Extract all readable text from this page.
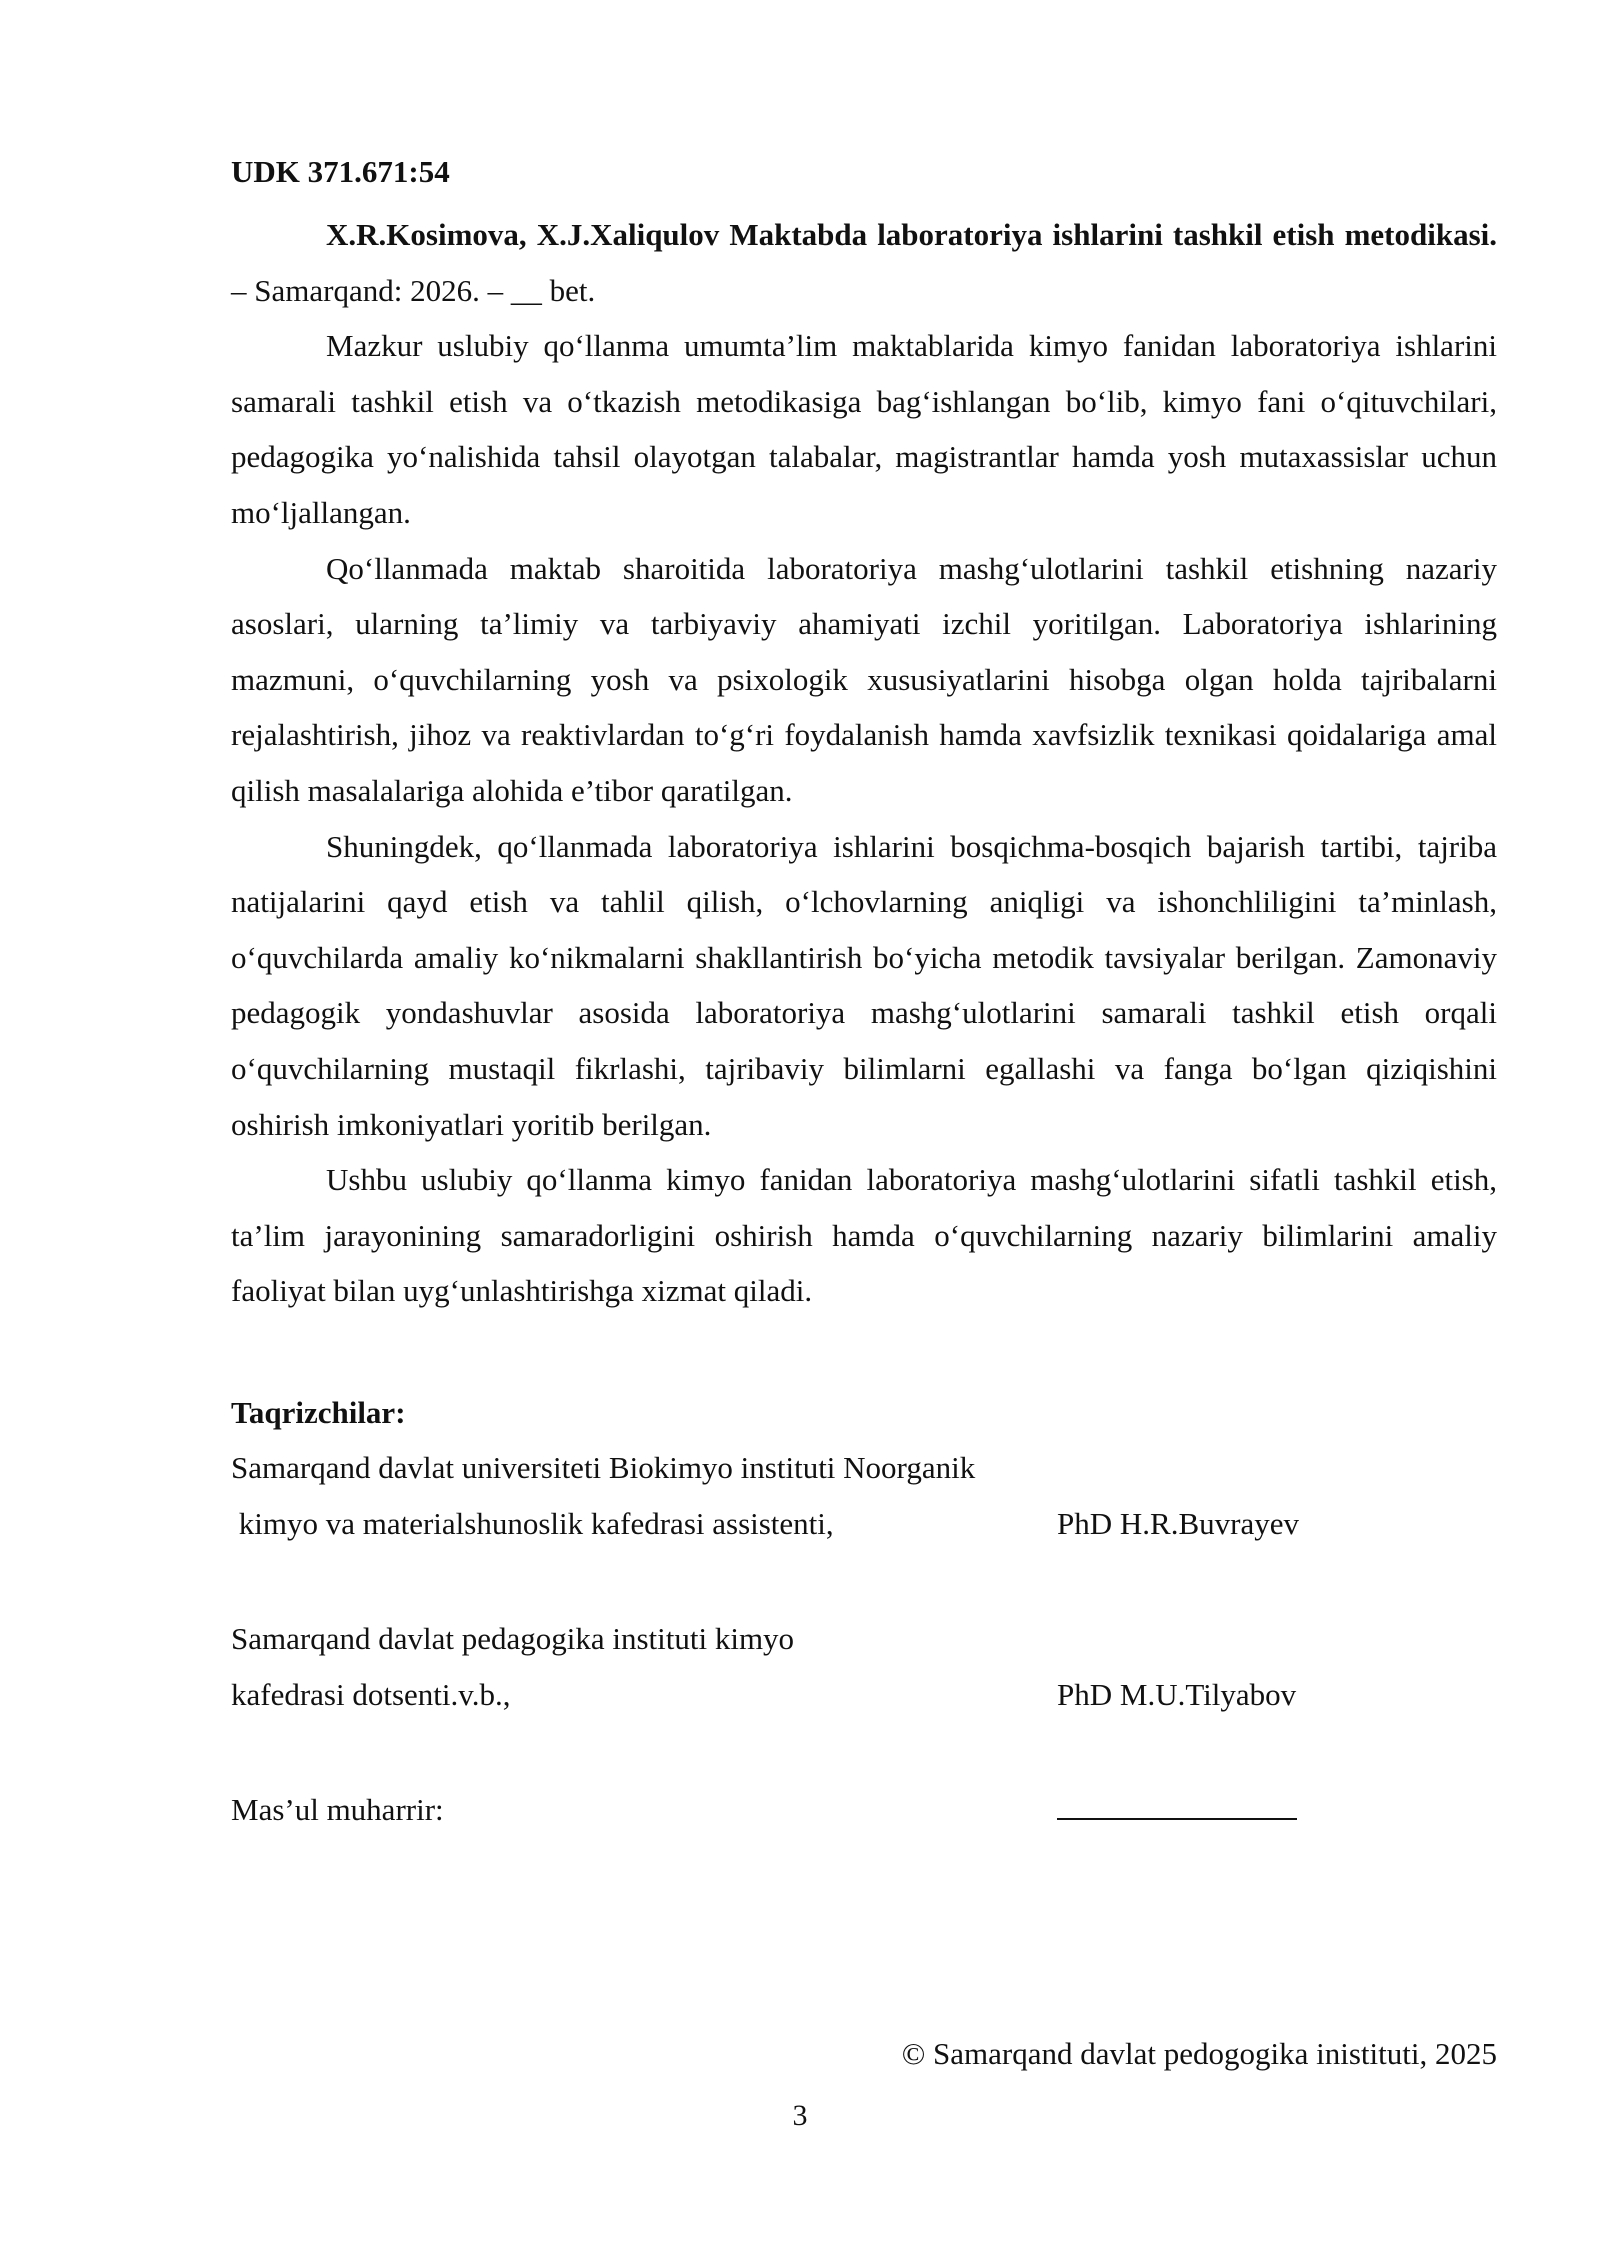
UDK 371.671:54

X.R.Kosimova, X.J.Xaliqulov Maktabda laboratoriya ishlarini tashkil etish metodikasi. – Samarqand: 2026. – __ bet.

Mazkur uslubiy qo‘llanma umumta’lim maktablarida kimyo fanidan laboratoriya ishlarini samarali tashkil etish va o‘tkazish metodikasiga bag‘ishlangan bo‘lib, kimyo fani o‘qituvchilari, pedagogika yo‘nalishida tahsil olayotgan talabalar, magistrantlar hamda yosh mutaxassislar uchun mo‘ljallangan.

Qo‘llanmada maktab sharoitida laboratoriya mashg‘ulotlarini tashkil etishning nazariy asoslari, ularning ta’limiy va tarbiyaviy ahamiyati izchil yoritilgan. Laboratoriya ishlarining mazmuni, o‘quvchilarning yosh va psixologik xususiyatlarini hisobga olgan holda tajribalarni rejalashtirish, jihoz va reaktivlardan to‘g‘ri foydalanish hamda xavfsizlik texnikasi qoidalariga amal qilish masalalariga alohida e’tibor qaratilgan.

Shuningdek, qo‘llanmada laboratoriya ishlarini bosqichma-bosqich bajarish tartibi, tajriba natijalarini qayd etish va tahlil qilish, o‘lchovlarning aniqligi va ishonchliligini ta’minlash, o‘quvchilarda amaliy ko‘nikmalarni shakllantirish bo‘yicha metodik tavsiyalar berilgan. Zamonaviy pedagogik yondashuvlar asosida laboratoriya mashg‘ulotlarini samarali tashkil etish orqali o‘quvchilarning mustaqil fikrlashi, tajribaviy bilimlarni egallashi va fanga bo‘lgan qiziqishini oshirish imkoniyatlari yoritib berilgan.

Ushbu uslubiy qo‘llanma kimyo fanidan laboratoriya mashg‘ulotlarini sifatli tashkil etish, ta’lim jarayonining samaradorligini oshirish hamda o‘quvchilarning nazariy bilimlarini amaliy faoliyat bilan uyg‘unlashtirishga xizmat qiladi.

Taqrizchilar:

Samarqand davlat universiteti Biokimyo instituti Noorganik
kimyo va materialshunoslik kafedrasi assistenti,	PhD H.R.Buvrayev
Samarqand davlat pedagogika instituti kimyo
kafedrasi dotsenti.v.b.,	PhD M.U.Tilyabov
Mas’ul muharrir:

© Samarqand davlat pedogogika inistituti, 2025

3
